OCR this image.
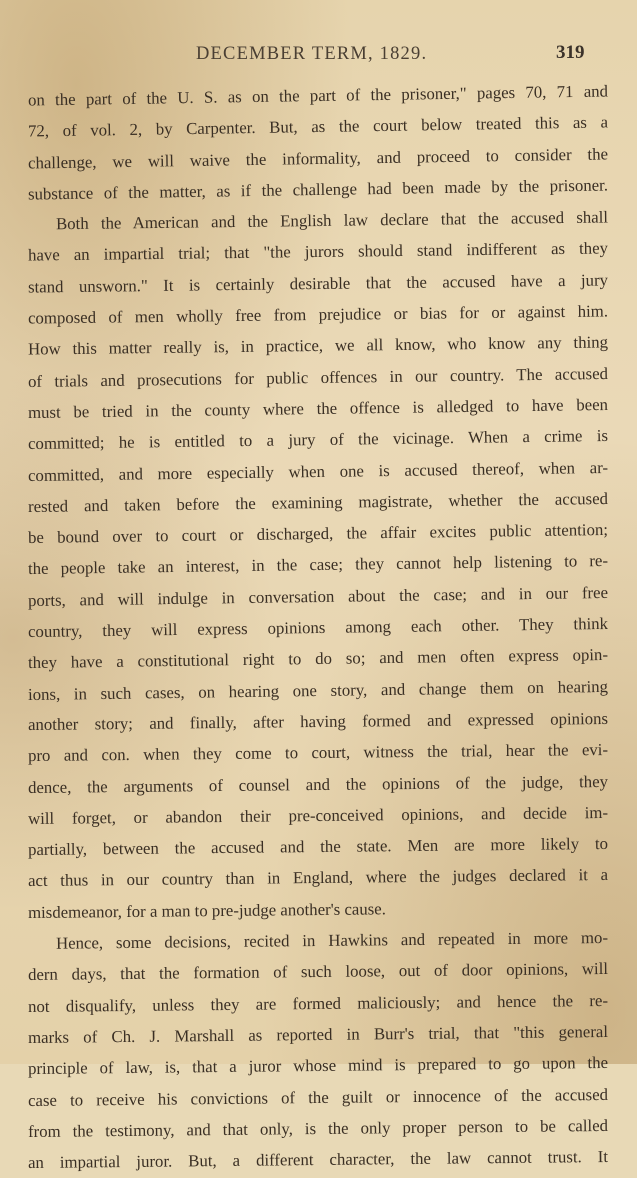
DECEMBER TERM, 1829.	319
on the part of the U. S. as on the part of the prisoner," pages 70, 71 and
72, of vol. 2, by Carpenter. But, as the court below treated this as a
challenge, we will waive the informality, and proceed to consider the
substance of the matter, as if the challenge had been made by the prisoner.
Both the American and the English law declare that the accused shall
have an impartial trial; that "the jurors should stand indifferent as they
stand unsworn." It is certainly desirable that the accused have a jury
composed of men wholly free from prejudice or bias for or against him.
How this matter really is, in practice, we all know, who know any thing
of trials and prosecutions for public offences in our country. The accused
must be tried in the county where the offence is alledged to have been
committed; he is entitled to a jury of the vicinage. When a crime is
committed, and more especially when one is accused thereof, when ar-
rested and taken before the examining magistrate, whether the accused
be bound over to court or discharged, the affair excites public attention;
the people take an interest, in the case; they cannot help listening to re-
ports, and will indulge in conversation about the case; and in our free
country, they will express opinions among each other. They think
they have a constitutional right to do so; and men often express opin-
ions, in such cases, on hearing one story, and change them on hearing
another story; and finally, after having formed and expressed opinions
pro and con. when they come to court, witness the trial, hear the evi-
dence, the arguments of counsel and the opinions of the judge, they
will forget, or abandon their pre-conceived opinions, and decide im-
partially, between the accused and the state. Men are more likely to
act thus in our country than in England, where the judges declared it a
misdemeanor, for a man to pre-judge another's cause.
Hence, some decisions, recited in Hawkins and repeated in more mo-
dern days, that the formation of such loose, out of door opinions, will
not disqualify, unless they are formed maliciously; and hence the re-
marks of Ch. J. Marshall as reported in Burr's trial, that "this general
principle of law, is, that a juror whose mind is prepared to go upon the
case to receive his convictions of the guilt or innocence of the accused
from the testimony, and that only, is the only proper person to be called
an impartial juror. But, a different character, the law cannot trust. It
